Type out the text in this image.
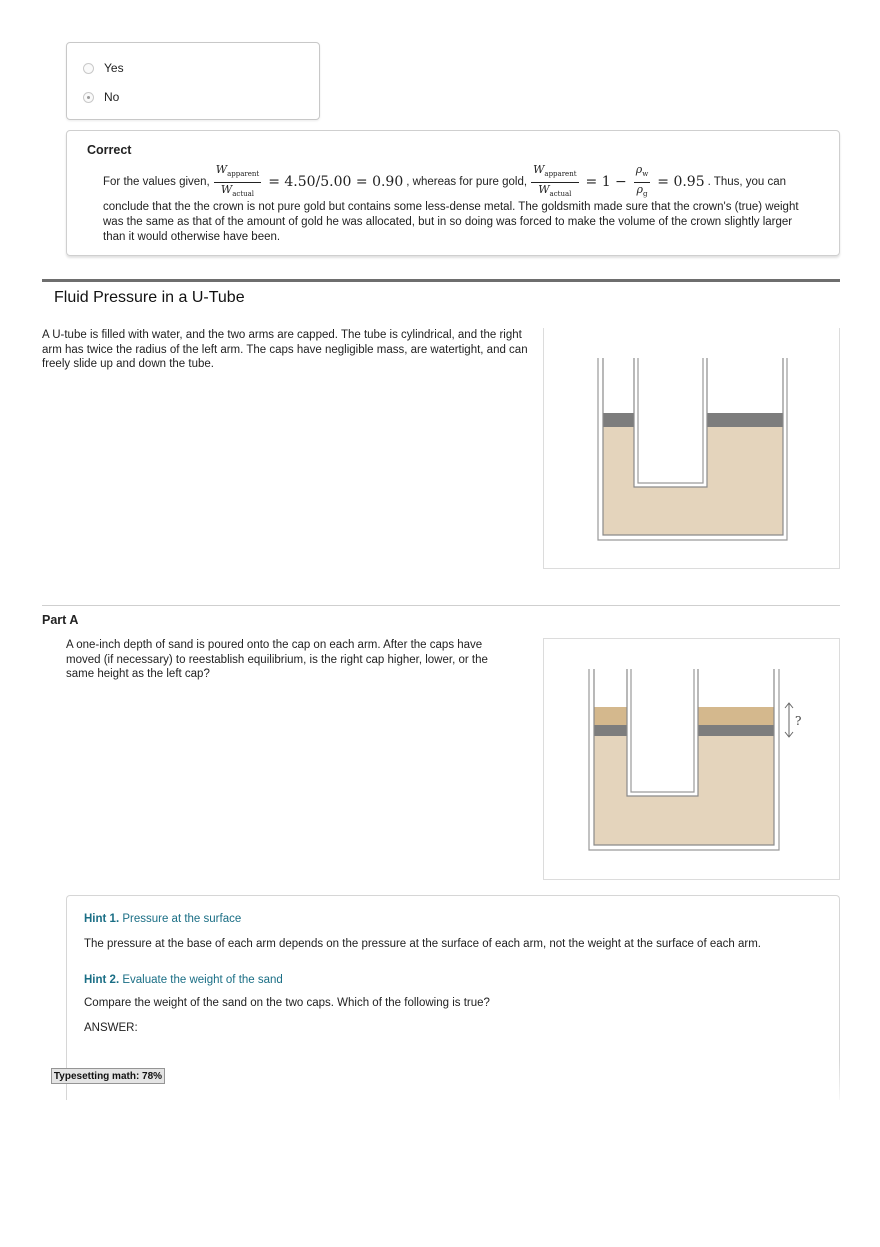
Yes
No
Correct
For the values given, $\frac{W_{apparent}}{W_{actual}} = 4.50/5.00 = 0.90$ , whereas for pure gold, $\frac{W_{apparent}}{W_{actual}} = 1 - \frac{\rho_w}{\rho_g} = 0.95$ . Thus, you can
conclude that the the crown is not pure gold but contains some less-dense metal. The goldsmith made sure that the crown's (true) weight was the same as that of the amount of gold he was allocated, but in so doing was forced to make the volume of the crown slightly larger than it would otherwise have been.
Fluid Pressure in a U-Tube
A U-tube is filled with water, and the two arms are capped. The tube is cylindrical, and the right arm has twice the radius of the left arm. The caps have negligible mass, are watertight, and can freely slide up and down the tube.
Part A
A one-inch depth of sand is poured onto the cap on each arm. After the caps have moved (if necessary) to reestablish equilibrium, is the right cap higher, lower, or the same height as the left cap?
?
Hint 1. Pressure at the surface
The pressure at the base of each arm depends on the pressure at the surface of each arm, not the weight at the surface of each arm.
Hint 2. Evaluate the weight of the sand
Compare the weight of the sand on the two caps. Which of the following is true?
ANSWER:
Typesetting math: 78%
